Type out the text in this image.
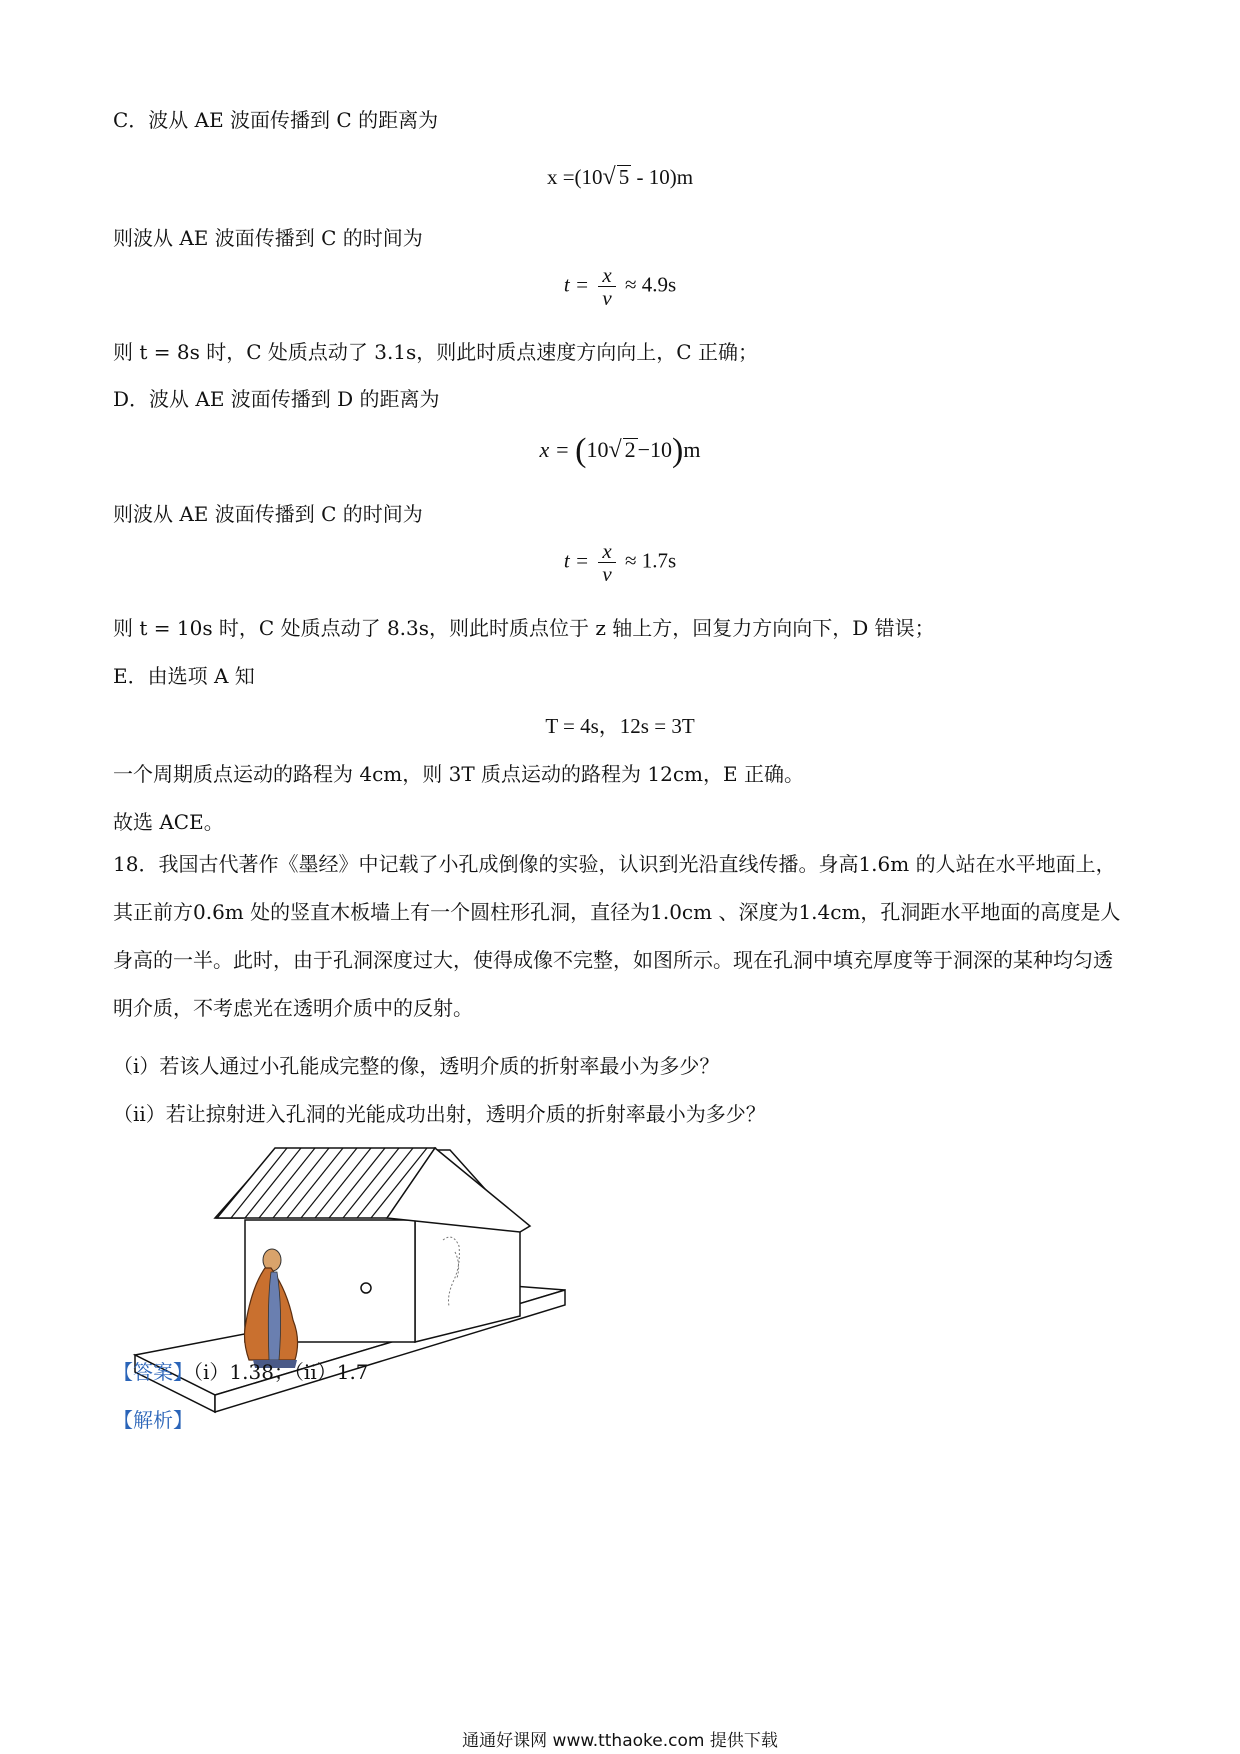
C．波从 AE 波面传播到 C 的距离为
x =(10√ 5 - 10)m
则波从 AE 波面传播到 C 的时间为
$t = \frac{x}{v} \approx 4.9s$
则 t = 8s 时，C 处质点动了 3.1s，则此时质点速度方向向上，C 正确；
D．波从 AE 波面传播到 D 的距离为
x = (10√ 2−10)m
则波从 AE 波面传播到 C 的时间为
$t = \frac{x}{v} \approx 1.7s$
则 t = 10s 时，C 处质点动了 8.3s，则此时质点位于 z 轴上方，回复力方向向下，D 错误；
E．由选项 A 知
T = 4s，12s = 3T
一个周期质点运动的路程为 4cm，则 3T 质点运动的路程为 12cm，E 正确。
故选 ACE。
18．我国古代著作《墨经》中记载了小孔成倒像的实验，认识到光沿直线传播。身高1.6m 的人站在水平地面上，其正前方0.6m 处的竖直木板墙上有一个圆柱形孔洞，直径为1.0cm 、深度为1.4cm，孔洞距水平地面的高度是人身高的一半。此时，由于孔洞深度过大，使得成像不完整，如图所示。现在孔洞中填充厚度等于洞深的某种均匀透明介质，不考虑光在透明介质中的反射。
（i）若该人通过小孔能成完整的像，透明介质的折射率最小为多少？
（ii）若让掠射进入孔洞的光能成功出射，透明介质的折射率最小为多少？
【答案】（i）1.38；（ii）1.7
【解析】
通通好课网 www.tthaoke.com 提供下载
